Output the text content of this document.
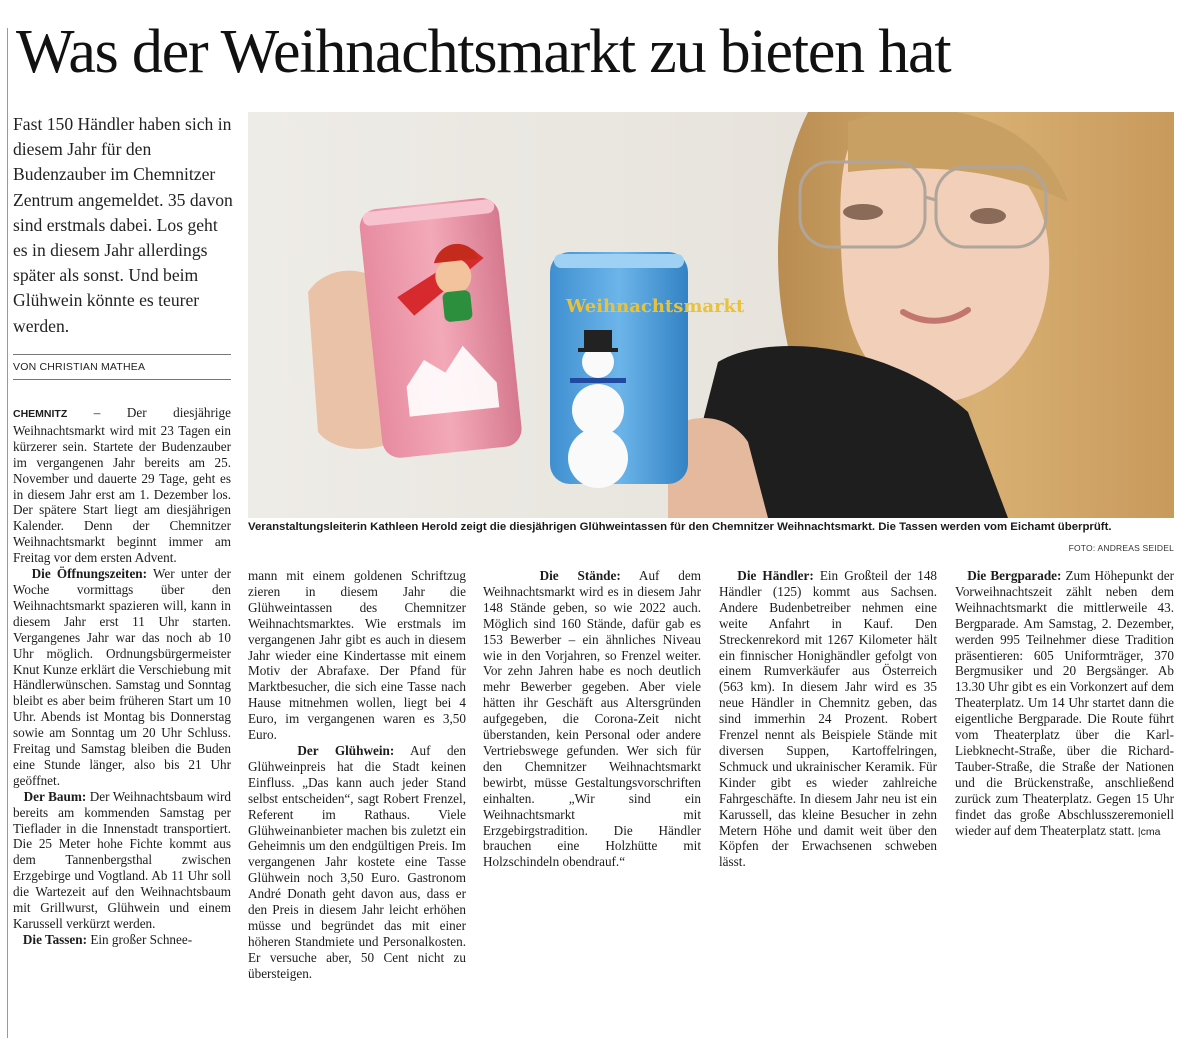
Was der Weihnachtsmarkt zu bieten hat

Fast 150 Händler haben sich in diesem Jahr für den Budenzauber im Chemnitzer Zentrum angemeldet. 35 davon sind erstmals dabei. Los geht es in diesem Jahr allerdings später als sonst. Und beim Glühwein könnte es teurer werden.

VON CHRISTIAN MATHEA

Weihnachtsmarkt

Veranstaltungsleiterin Kathleen Herold zeigt die diesjährigen Glühweintassen für den Chemnitzer Weihnachtsmarkt. Die Tassen werden vom Eichamt überprüft.

FOTO: ANDREAS SEIDEL

CHEMNITZ – Der diesjährige Weihnachtsmarkt wird mit 23 Tagen ein kürzerer sein. Startete der Budenzauber im vergangenen Jahr bereits am 25. November und dauerte 29 Tage, geht es in diesem Jahr erst am 1. Dezember los. Der spätere Start liegt am diesjährigen Kalender. Denn der Chemnitzer Weihnachtsmarkt beginnt immer am Freitag vor dem ersten Advent.

Die Öffnungszeiten: Wer unter der Woche vormittags über den Weihnachtsmarkt spazieren will, kann in diesem Jahr erst 11 Uhr starten. Vergangenes Jahr war das noch ab 10 Uhr möglich. Ordnungsbürgermeister Knut Kunze erklärt die Verschiebung mit Händlerwünschen. Samstag und Sonntag bleibt es aber beim früheren Start um 10 Uhr. Abends ist Montag bis Donnerstag sowie am Sonntag um 20 Uhr Schluss. Freitag und Samstag bleiben die Buden eine Stunde länger, also bis 21 Uhr geöffnet.

Der Baum: Der Weihnachtsbaum wird bereits am kommenden Samstag per Tieflader in die Innenstadt transportiert. Die 25 Meter hohe Fichte kommt aus dem Tannenbergsthal zwischen Erzgebirge und Vogtland. Ab 11 Uhr soll die Wartezeit auf den Weihnachtsbaum mit Grillwurst, Glühwein und einem Karussell verkürzt werden.

Die Tassen: Ein großer Schnee-

mann mit einem goldenen Schriftzug zieren in diesem Jahr die Glühweintassen des Chemnitzer Weihnachtsmarktes. Wie erstmals im vergangenen Jahr gibt es auch in diesem Jahr wieder eine Kindertasse mit einem Motiv der Abrafaxe. Der Pfand für Marktbesucher, die sich eine Tasse nach Hause mitnehmen wollen, liegt bei 4 Euro, im vergangenen waren es 3,50 Euro.

Der Glühwein: Auf den Glühweinpreis hat die Stadt keinen Einfluss. „Das kann auch jeder Stand selbst entscheiden“, sagt Robert Frenzel, Referent im Rathaus. Viele Glühweinanbieter machen bis zuletzt ein Geheimnis um den endgültigen Preis. Im vergangenen Jahr kostete eine Tasse Glühwein noch 3,50 Euro. Gastronom André Donath geht davon aus, dass er den Preis in diesem Jahr leicht erhöhen müsse und begründet das mit einer höheren Standmiete und Personalkosten. Er versuche aber, 50 Cent nicht zu übersteigen.

Die Stände: Auf dem Weihnachtsmarkt wird es in diesem Jahr 148 Stände geben, so wie 2022 auch. Möglich sind 160 Stände, dafür gab es 153 Bewerber – ein ähnliches Niveau wie in den Vorjahren, so Frenzel weiter. Vor zehn Jahren habe es noch deutlich mehr Bewerber gegeben. Aber viele hätten ihr Geschäft aus Altersgründen aufgegeben, die Corona-Zeit nicht überstanden, kein Personal oder andere Vertriebswege gefunden. Wer sich für den Chemnitzer Weihnachtsmarkt bewirbt, müsse Gestaltungsvorschriften einhalten. „Wir sind ein Weihnachtsmarkt mit Erzgebirgstradition. Die Händler brauchen eine Holzhütte mit Holzschindeln obendrauf.“

Die Händler: Ein Großteil der 148 Händler (125) kommt aus Sachsen. Andere Budenbetreiber nehmen eine weite Anfahrt in Kauf. Den Streckenrekord mit 1267 Kilometer hält ein finnischer Honighändler gefolgt von einem Rumverkäufer aus Österreich (563 km). In diesem Jahr wird es 35 neue Händler in Chemnitz geben, das sind immerhin 24 Prozent. Robert Frenzel nennt als Beispiele Stände mit diversen Suppen, Kartoffelringen, Schmuck und ukrainischer Keramik. Für Kinder gibt es wieder zahlreiche Fahrgeschäfte. In diesem Jahr neu ist ein Karussell, das kleine Besucher in zehn Metern Höhe und damit weit über den Köpfen der Erwachsenen schweben lässt.

Die Bergparade: Zum Höhepunkt der Vorweihnachtszeit zählt neben dem Weihnachtsmarkt die mittlerweile 43. Bergparade. Am Samstag, 2. Dezember, werden 995 Teilnehmer diese Tradition präsentieren: 605 Uniformträger, 370 Bergmusiker und 20 Bergsänger. Ab 13.30 Uhr gibt es ein Vorkonzert auf dem Theaterplatz. Um 14 Uhr startet dann die eigentliche Bergparade. Die Route führt vom Theaterplatz über die Karl-Liebknecht-Straße, über die Richard-Tauber-Straße, die Straße der Nationen und die Brückenstraße, anschließend zurück zum Theaterplatz. Gegen 15 Uhr findet das große Abschlusszeremoniell wieder auf dem Theaterplatz statt. |cma
